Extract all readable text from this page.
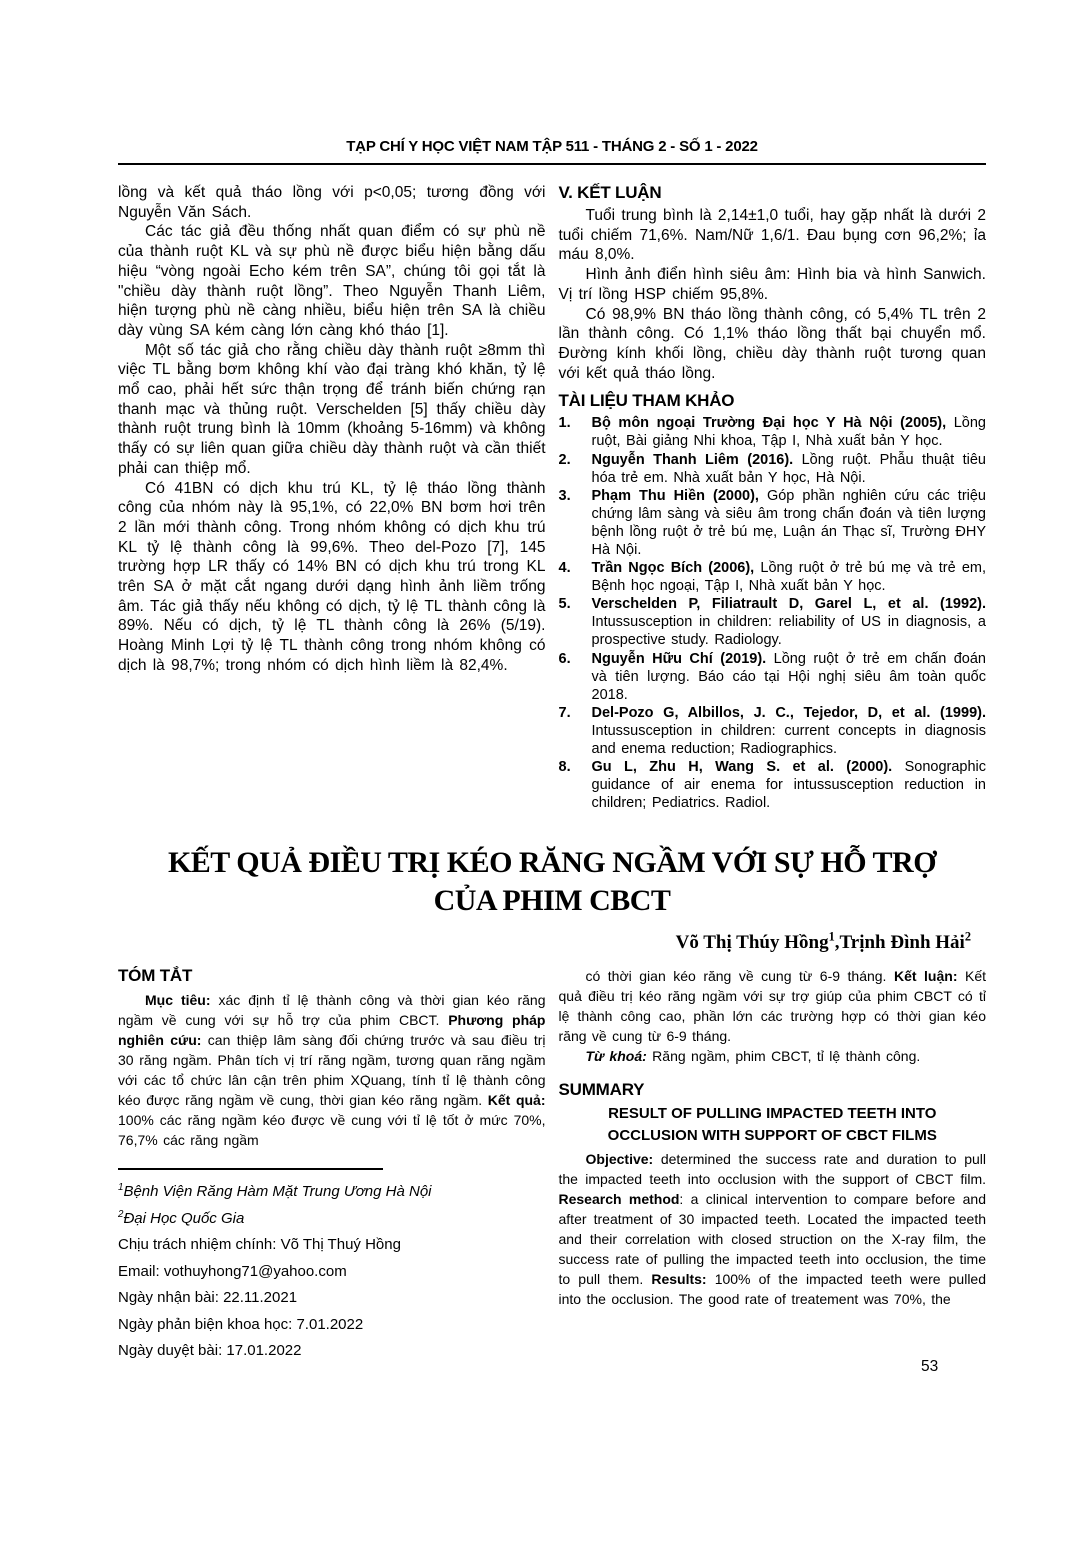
TẠP CHÍ Y HỌC VIỆT NAM TẬP 511 - THÁNG 2 - SỐ 1 - 2022

lồng và kết quả tháo lồng với p<0,05; tương đồng với Nguyễn Văn Sách.

Các tác giả đều thống nhất quan điểm có sự phù nề của thành ruột KL và sự phù nề được biểu hiện bằng dấu hiệu “vòng ngoài Echo kém trên SA”, chúng tôi gọi tắt là "chiều dày thành ruột lồng”. Theo Nguyễn Thanh Liêm, hiện tượng phù nề càng nhiều, biểu hiện trên SA là chiều dày vùng SA kém càng lớn càng khó tháo [1].

Một số tác giả cho rằng chiều dày thành ruột ≥8mm thì việc TL bằng bơm không khí vào đại tràng khó khăn, tỷ lệ mổ cao, phải hết sức thận trọng để tránh biến chứng rạn thanh mạc và thủng ruột. Verschelden [5] thấy chiều dày thành ruột trung bình là 10mm (khoảng 5-16mm) và không thấy có sự liên quan giữa chiều dày thành ruột và cần thiết phải can thiệp mổ.

Có 41BN có dịch khu trú KL, tỷ lệ tháo lồng thành công của nhóm này là 95,1%, có 22,0% BN bơm hơi trên 2 lần mới thành công. Trong nhóm không có dịch khu trú KL tỷ lệ thành công là 99,6%. Theo del-Pozo [7], 145 trường hợp LR thấy có 14% BN có dịch khu trú trong KL trên SA ở mặt cắt ngang dưới dạng hình ảnh liềm trống âm. Tác giả thấy nếu không có dịch, tỷ lệ TL thành công là 89%. Nếu có dịch, tỷ lệ TL thành công là 26% (5/19). Hoàng Minh Lợi tỷ lệ TL thành công trong nhóm không có dịch là 98,7%; trong nhóm có dịch hình liềm là 82,4%.

V. KẾT LUẬN

Tuổi trung bình là 2,14±1,0 tuổi, hay gặp nhất là dưới 2 tuổi chiếm 71,6%. Nam/Nữ 1,6/1. Đau bụng cơn 96,2%; ỉa máu 8,0%.

Hình ảnh điển hình siêu âm: Hình bia và hình Sanwich. Vị trí lồng HSP chiếm 95,8%.

Có 98,9% BN tháo lồng thành công, có 5,4% TL trên 2 lần thành công. Có 1,1% tháo lồng thất bại chuyển mổ. Đường kính khối lồng, chiều dày thành ruột tương quan với kết quả tháo lồng.

TÀI LIỆU THAM KHẢO
1. Bộ môn ngoại Trường Đại học Y Hà Nội (2005), Lồng ruột, Bài giảng Nhi khoa, Tập I, Nhà xuất bản Y học.
2. Nguyễn Thanh Liêm (2016). Lồng ruột. Phẫu thuật tiêu hóa trẻ em. Nhà xuất bản Y học, Hà Nội.
3. Phạm Thu Hiền (2000), Góp phần nghiên cứu các triệu chứng lâm sàng và siêu âm trong chẩn đoán và tiên lượng bệnh lồng ruột ở trẻ bú mẹ, Luận án Thạc sĩ, Trường ĐHY Hà Nội.
4. Trần Ngọc Bích (2006), Lồng ruột ở trẻ bú mẹ và trẻ em, Bệnh học ngoại, Tập I, Nhà xuất bản Y học.
5. Verschelden P, Filiatrault D, Garel L, et al. (1992). Intussusception in children: reliability of US in diagnosis, a prospective study. Radiology.
6. Nguyễn Hữu Chí (2019). Lồng ruột ở trẻ em chấn đoán và tiên lượng. Báo cáo tại Hội nghị siêu âm toàn quốc 2018.
7. Del-Pozo G, Albillos, J. C., Tejedor, D, et al. (1999). Intussusception in children: current concepts in diagnosis and enema reduction; Radiographics.
8. Gu L, Zhu H, Wang S. et al. (2000). Sonographic guidance of air enema for intussusception reduction in children; Pediatrics. Radiol.
KẾT QUẢ ĐIỀU TRỊ KÉO RĂNG NGẦM VỚI SỰ HỖ TRỢ
CỦA PHIM CBCT
Võ Thị Thúy Hồng$^1$,Trịnh Đình Hải$^2$
TÓM TẮT

Mục tiêu: xác định tỉ lệ thành công và thời gian kéo răng ngầm về cung với sự hỗ trợ của phim CBCT. Phương pháp nghiên cứu: can thiệp lâm sàng đối chứng trước và sau điều trị 30 răng ngầm. Phân tích vị trí răng ngầm, tương quan răng ngầm với các tổ chức lân cận trên phim XQuang, tính tỉ lệ thành công kéo được răng ngầm về cung, thời gian kéo răng ngầm. Kết quả: 100% các răng ngầm kéo được về cung với tỉ lệ tốt ở mức 70%, 76,7% các răng ngầm

$^1$Bệnh Viện Răng Hàm Mặt Trung Ương Hà Nội
$^2$Đại Học Quốc Gia
Chịu trách nhiệm chính: Võ Thị Thuý Hồng
Email: vothuyhong71@yahoo.com
Ngày nhận bài: 22.11.2021
Ngày phản biện khoa học: 7.01.2022
Ngày duyệt bài: 17.01.2022

có thời gian kéo răng về cung từ 6-9 tháng. Kết luận: Kết quả điều trị kéo răng ngầm với sự trợ giúp của phim CBCT có tỉ lệ thành công cao, phần lớn các trường hợp có thời gian kéo răng về cung từ 6-9 tháng.

Từ khoá: Răng ngầm, phim CBCT, tỉ lệ thành công.

SUMMARY
RESULT OF PULLING IMPACTED TEETH INTO
OCCLUSION WITH SUPPORT OF CBCT FILMS

Objective: determined the success rate and duration to pull the impacted teeth into occlusion with the support of CBCT film. Research method: a clinical intervention to compare before and after treatment of 30 impacted teeth. Located the impacted teeth and their correlation with closed struction on the X-ray film, the success rate of pulling the impacted teeth into occlusion, the time to pull them. Results: 100% of the impacted teeth were pulled into the occlusion. The good rate of treatement was 70%, the

53
